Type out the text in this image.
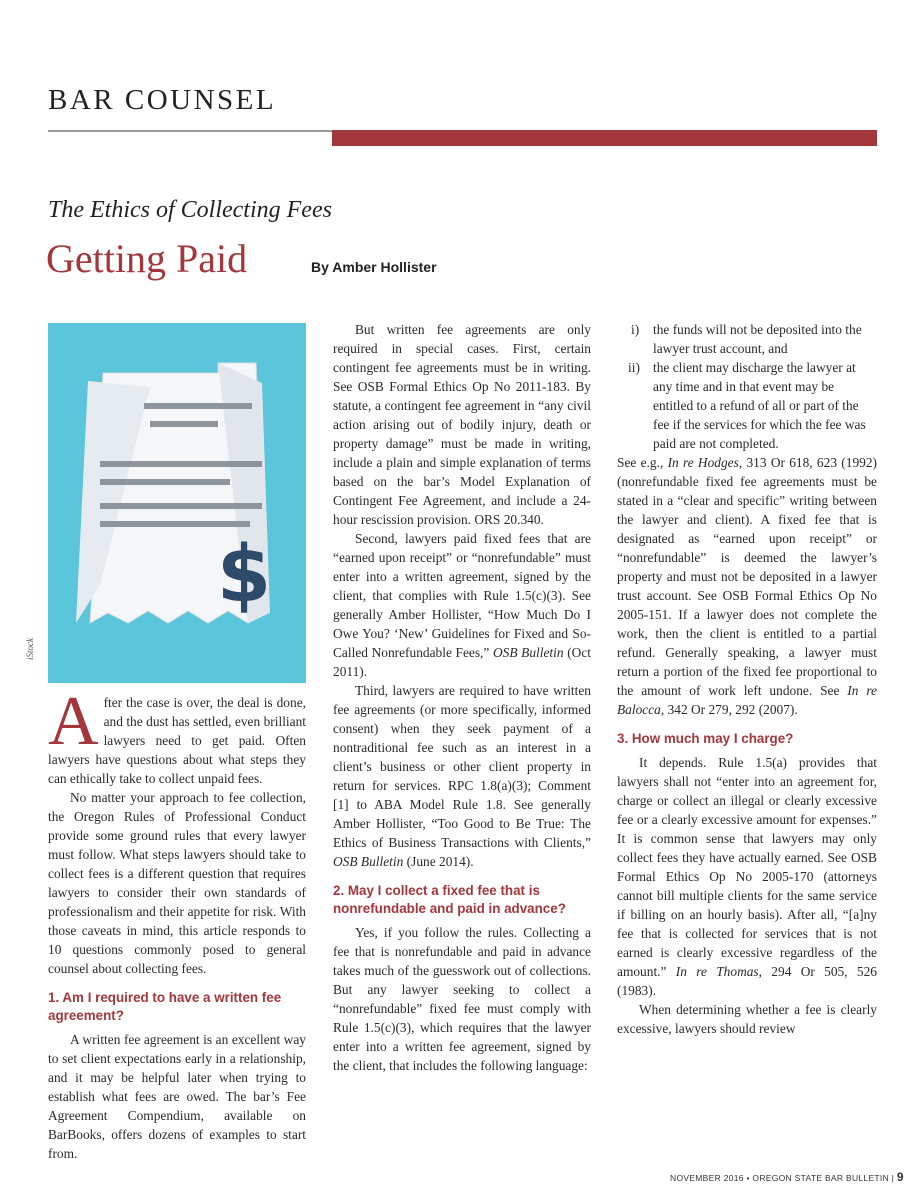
BAR COUNSEL
The Ethics of Collecting Fees
Getting Paid	By Amber Hollister
$
iStock

After the case is over, the deal is done, and the dust has settled, even brilliant lawyers need to get paid. Often lawyers have questions about what steps they can ethically take to collect unpaid fees.

No matter your approach to fee collection, the Oregon Rules of Professional Conduct provide some ground rules that every lawyer must follow. What steps lawyers should take to collect fees is a different question that requires lawyers to consider their own standards of professionalism and their appetite for risk. With those caveats in mind, this article responds to 10 questions commonly posed to general counsel about collecting fees.

1. Am I required to have a written fee agreement?

A written fee agreement is an excellent way to set client expectations early in a relationship, and it may be helpful later when trying to establish what fees are owed. The bar’s Fee Agreement Compendium, available on BarBooks, offers dozens of examples to start from.

But written fee agreements are only required in special cases. First, certain contingent fee agreements must be in writing. See OSB Formal Ethics Op No 2011-183. By statute, a contingent fee agreement in “any civil action arising out of bodily injury, death or property damage” must be made in writing, include a plain and simple explanation of terms based on the bar’s Model Explanation of Contingent Fee Agreement, and include a 24-hour rescission provision. ORS 20.340.

Second, lawyers paid fixed fees that are “earned upon receipt” or “nonrefundable” must enter into a written agreement, signed by the client, that complies with Rule 1.5(c)(3). See generally Amber Hollister, “How Much Do I Owe You? ‘New’ Guidelines for Fixed and So-Called Nonrefundable Fees,” OSB Bulletin (Oct 2011).

Third, lawyers are required to have written fee agreements (or more specifically, informed consent) when they seek payment of a nontraditional fee such as an interest in a client’s business or other client property in return for services. RPC 1.8(a)(3); Comment [1] to ABA Model Rule 1.8. See generally Amber Hollister, “Too Good to Be True: The Ethics of Business Transactions with Clients,” OSB Bulletin (June 2014).

2. May I collect a fixed fee that is nonrefundable and paid in advance?

Yes, if you follow the rules. Collecting a fee that is nonrefundable and paid in advance takes much of the guesswork out of collections. But any lawyer seeking to collect a “nonrefundable” fixed fee must comply with Rule 1.5(c)(3), which requires that the lawyer enter into a written fee agreement, signed by the client, that includes the following language:

i) the funds will not be deposited into the lawyer trust account, and
ii) the client may discharge the lawyer at any time and in that event may be entitled to a refund of all or part of the fee if the services for which the fee was paid are not completed.

See e.g., In re Hodges, 313 Or 618, 623 (1992) (nonrefundable fixed fee agreements must be stated in a “clear and specific” writing between the lawyer and client). A fixed fee that is designated as “earned upon receipt” or “nonrefundable” is deemed the lawyer’s property and must not be deposited in a lawyer trust account. See OSB Formal Ethics Op No 2005-151. If a lawyer does not complete the work, then the client is entitled to a partial refund. Generally speaking, a lawyer must return a portion of the fixed fee proportional to the amount of work left undone. See In re Balocca, 342 Or 279, 292 (2007).

3. How much may I charge?

It depends. Rule 1.5(a) provides that lawyers shall not “enter into an agreement for, charge or collect an illegal or clearly excessive fee or a clearly excessive amount for expenses.” It is common sense that lawyers may only collect fees they have actually earned. See OSB Formal Ethics Op No 2005-170 (attorneys cannot bill multiple clients for the same service if billing on an hourly basis). After all, “[a]ny fee that is collected for services that is not earned is clearly excessive regardless of the amount.” In re Thomas, 294 Or 505, 526 (1983).

When determining whether a fee is clearly excessive, lawyers should review

NOVEMBER 2016 • OREGON STATE BAR BULLETIN | 9
